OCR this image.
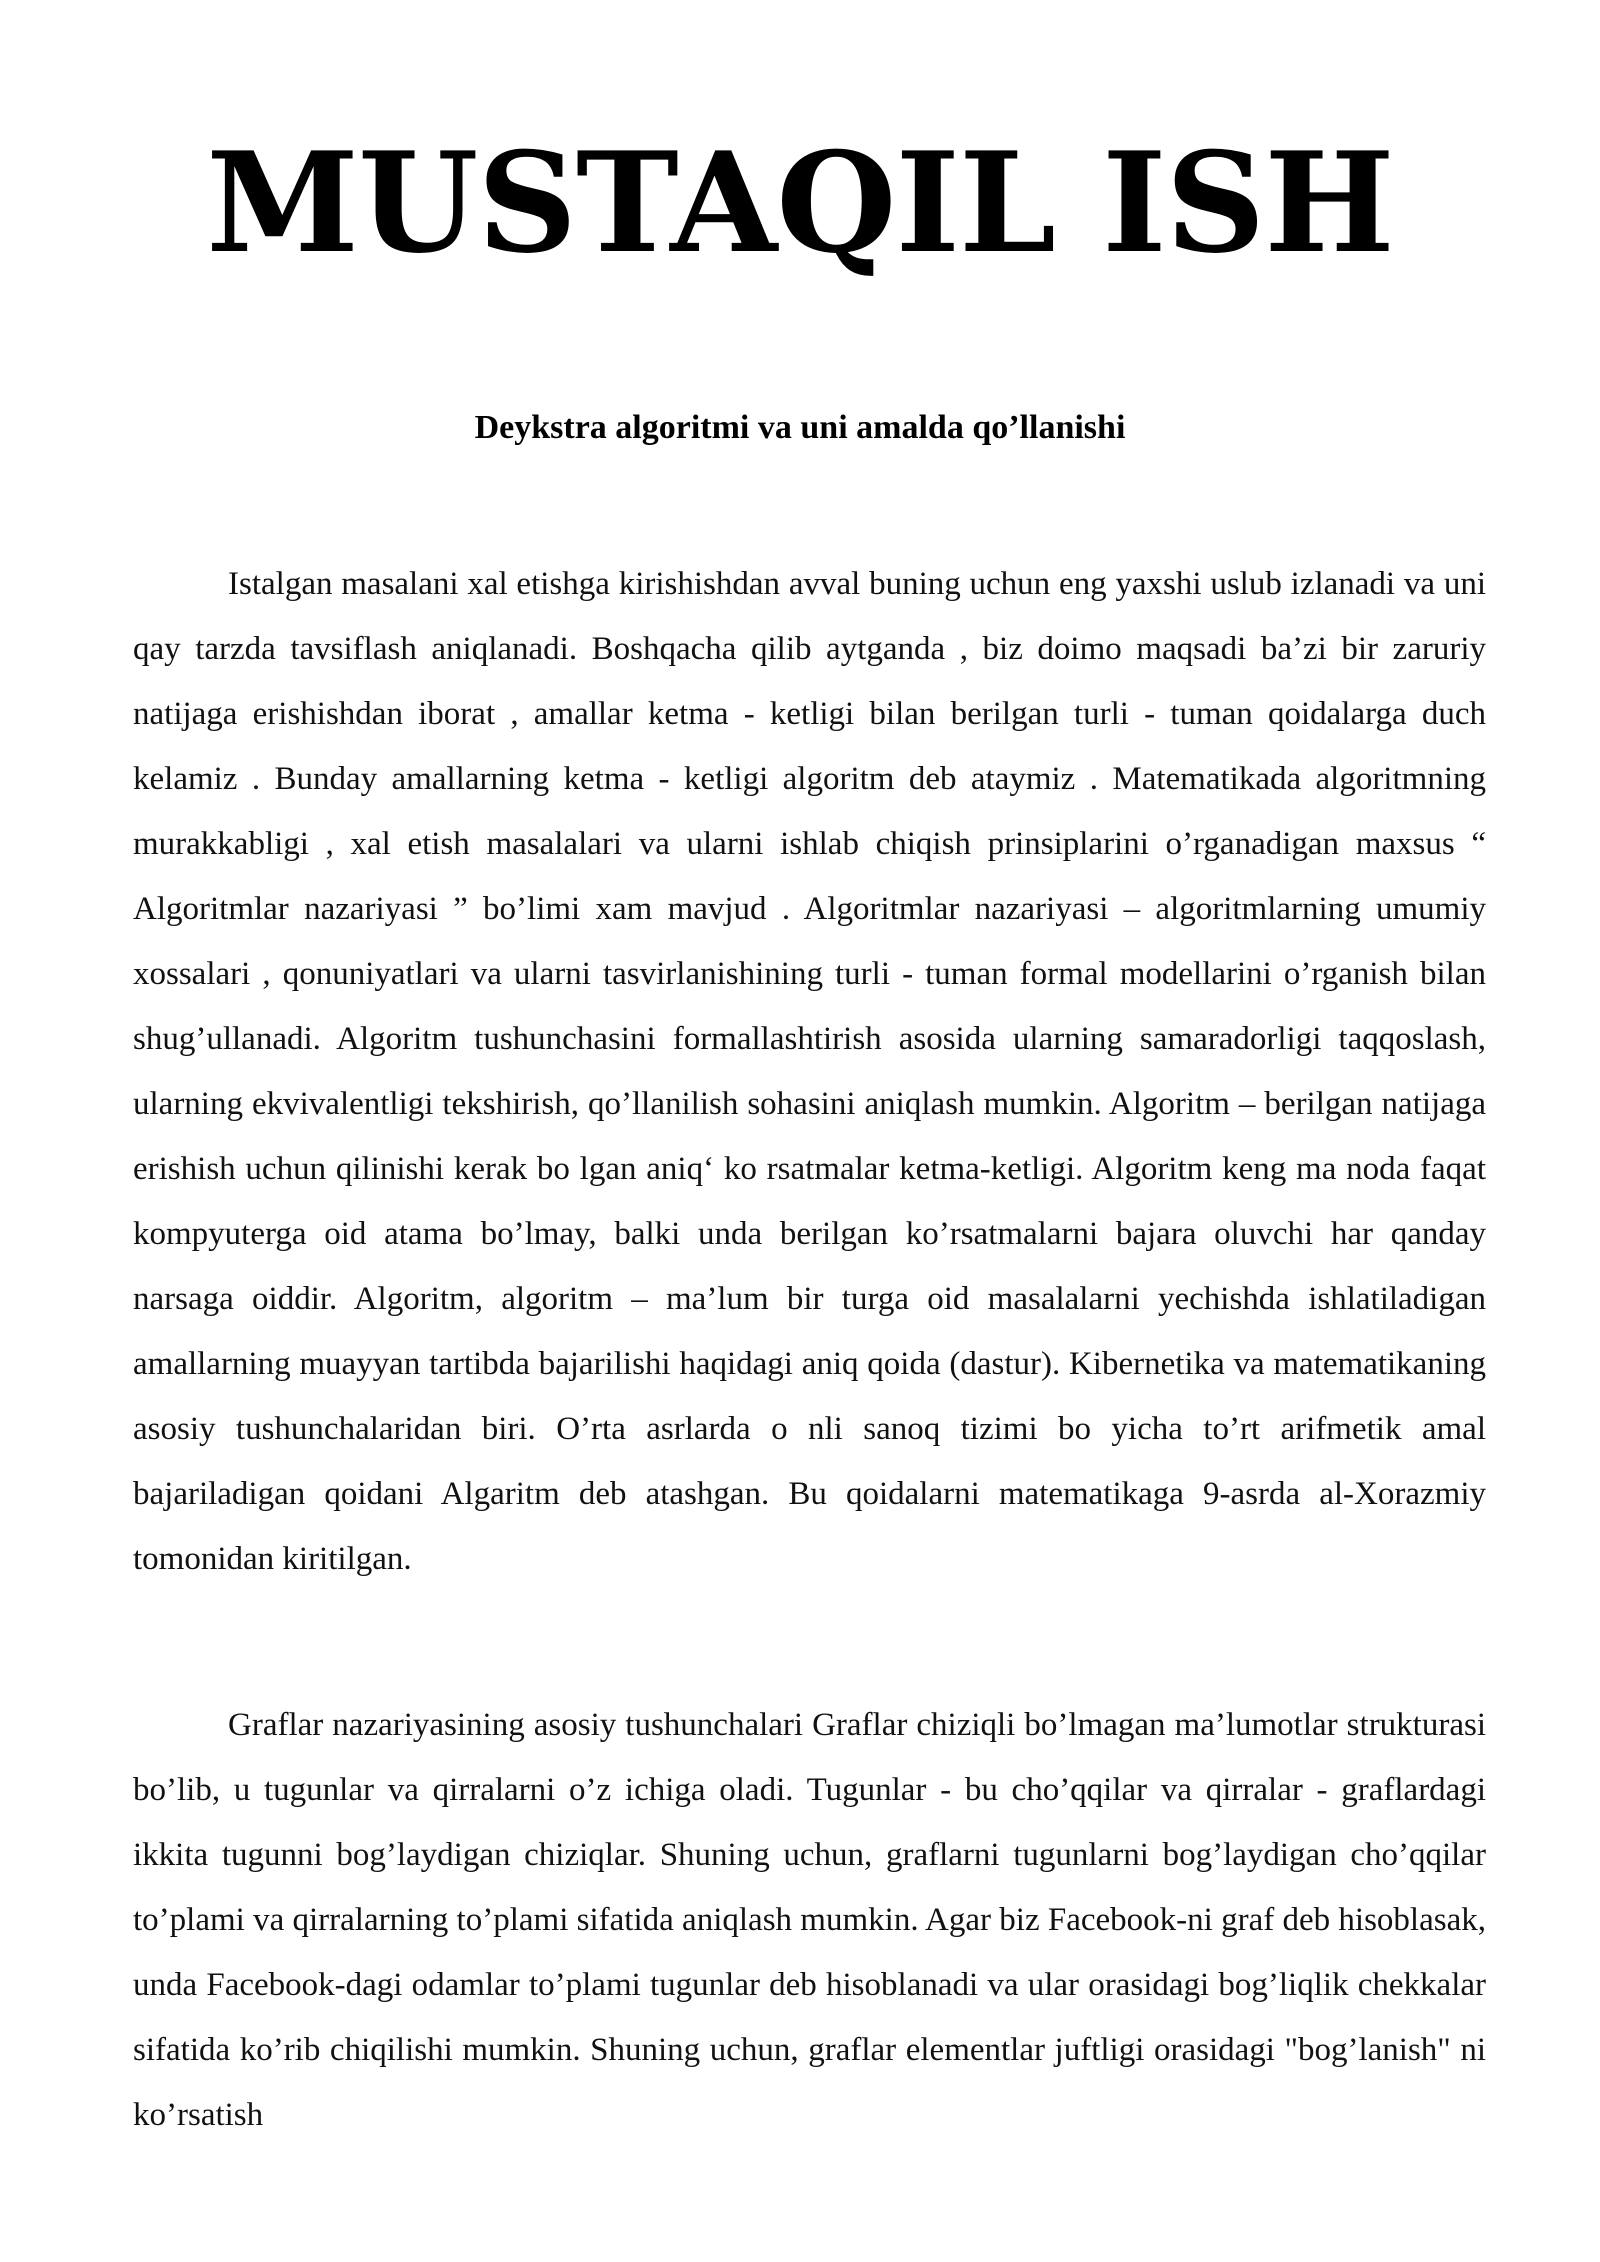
MUSTAQIL ISH
Deykstra algoritmi va uni amalda qo’llanishi

Istalgan masalani xal etishga kirishishdan avval buning uchun eng yaxshi uslub izlanadi va uni qay tarzda tavsiflash aniqlanadi. Boshqacha qilib aytganda , biz doimo maqsadi ba’zi bir zaruriy natijaga erishishdan iborat , amallar ketma - ketligi bilan berilgan turli - tuman qoidalarga duch kelamiz . Bunday amallarning ketma - ketligi algoritm deb ataymiz . Matematikada algoritmning murakkabligi , xal etish masalalari va ularni ishlab chiqish prinsiplarini o’rganadigan maxsus “ Algoritmlar nazariyasi ” bo’limi xam mavjud . Algoritmlar nazariyasi – algoritmlarning umumiy xossalari , qonuniyatlari va ularni tasvirlanishining turli - tuman formal modellarini o’rganish bilan shug’ullanadi. Algoritm tushunchasini formallashtirish asosida ularning samaradorligi taqqoslash, ularning ekvivalentligi tekshirish, qo’llanilish sohasini aniqlash mumkin. Algoritm – berilgan natijaga erishish uchun qilinishi kerak bo lgan aniq‘ ko rsatmalar ketma-ketligi. Algoritm keng ma noda faqat kompyuterga oid atama bo’lmay, balki unda berilgan ko’rsatmalarni bajara oluvchi har qanday narsaga oiddir. Algoritm, algoritm – ma’lum bir turga oid masalalarni yechishda ishlatiladigan amallarning muayyan tartibda bajarilishi haqidagi aniq qoida (dastur). Kibernetika va matematikaning asosiy tushunchalaridan biri. O’rta asrlarda o nli sanoq tizimi bo yicha to’rt arifmetik amal bajariladigan qoidani Algaritm deb atashgan. Bu qoidalarni matematikaga 9-asrda al-Xorazmiy tomonidan kiritilgan.

Graflar nazariyasining asosiy tushunchalari Graflar chiziqli bo’lmagan ma’lumotlar strukturasi bo’lib, u tugunlar va qirralarni o’z ichiga oladi. Tugunlar - bu cho’qqilar va qirralar - graflardagi ikkita tugunni bog’laydigan chiziqlar. Shuning uchun, graflarni tugunlarni bog’laydigan cho’qqilar to’plami va qirralarning to’plami sifatida aniqlash mumkin. Agar biz Facebook-ni graf deb hisoblasak, unda Facebook-dagi odamlar to’plami tugunlar deb hisoblanadi va ular orasidagi bog’liqlik chekkalar sifatida ko’rib chiqilishi mumkin. Shuning uchun, graflar elementlar juftligi orasidagi "bog’lanish" ni ko’rsatish
